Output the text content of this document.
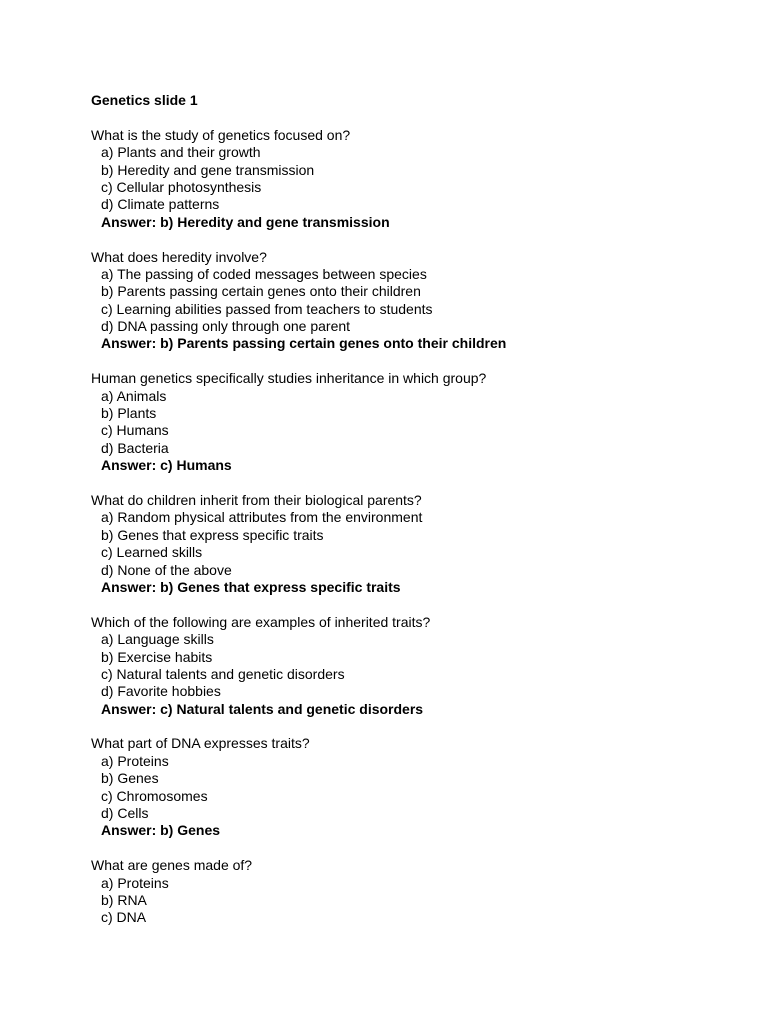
Genetics slide 1
What is the study of genetics focused on?
a) Plants and their growth
b) Heredity and gene transmission
c) Cellular photosynthesis
d) Climate patterns
Answer: b) Heredity and gene transmission
What does heredity involve?
a) The passing of coded messages between species
b) Parents passing certain genes onto their children
c) Learning abilities passed from teachers to students
d) DNA passing only through one parent
Answer: b) Parents passing certain genes onto their children
Human genetics specifically studies inheritance in which group?
a) Animals
b) Plants
c) Humans
d) Bacteria
Answer: c) Humans
What do children inherit from their biological parents?
a) Random physical attributes from the environment
b) Genes that express specific traits
c) Learned skills
d) None of the above
Answer: b) Genes that express specific traits
Which of the following are examples of inherited traits?
a) Language skills
b) Exercise habits
c) Natural talents and genetic disorders
d) Favorite hobbies
Answer: c) Natural talents and genetic disorders
What part of DNA expresses traits?
a) Proteins
b) Genes
c) Chromosomes
d) Cells
Answer: b) Genes
What are genes made of?
a) Proteins
b) RNA
c) DNA
